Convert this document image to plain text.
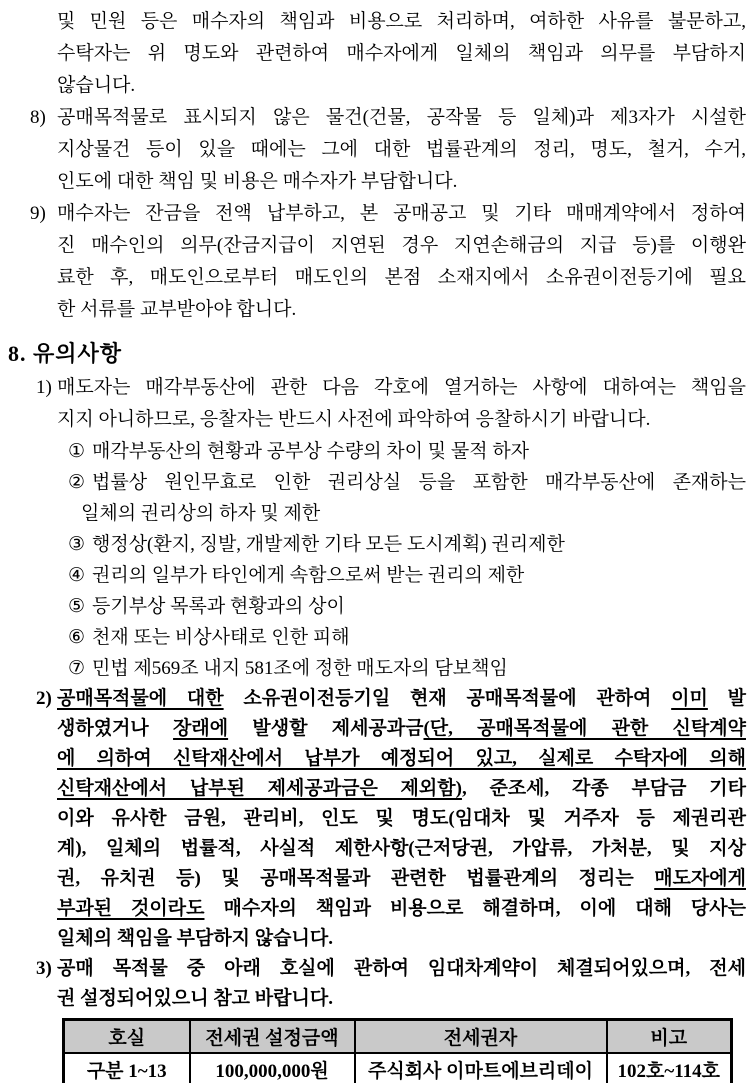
및 민원 등은 매수자의 책임과 비용으로 처리하며, 여하한 사유를 불문하고,
수탁자는 위 명도와 관련하여 매수자에게 일체의 책임과 의무를 부담하지
않습니다.
8) 공매목적물로 표시되지 않은 물건(건물, 공작물 등 일체)과 제3자가 시설한
지상물건 등이 있을 때에는 그에 대한 법률관계의 정리, 명도, 철거, 수거,
인도에 대한 책임 및 비용은 매수자가 부담합니다.
9) 매수자는 잔금을 전액 납부하고, 본 공매공고 및 기타 매매계약에서 정하여
진 매수인의 의무(잔금지급이 지연된 경우 지연손해금의 지급 등)를 이행완
료한 후, 매도인으로부터 매도인의 본점 소재지에서 소유권이전등기에 필요
한 서류를 교부받아야 합니다.
8. 유의사항
1) 매도자는 매각부동산에 관한 다음 각호에 열거하는 사항에 대하여는 책임을
지지 아니하므로, 응찰자는 반드시 사전에 파악하여 응찰하시기 바랍니다.
① 매각부동산의 현황과 공부상 수량의 차이 및 물적 하자
② 법률상 원인무효로 인한 권리상실 등을 포함한 매각부동산에 존재하는
일체의 권리상의 하자 및 제한
③ 행정상(환지, 징발, 개발제한 기타 모든 도시계획) 권리제한
④ 권리의 일부가 타인에게 속함으로써 받는 권리의 제한
⑤ 등기부상 목록과 현황과의 상이
⑥ 천재 또는 비상사태로 인한 피해
⑦ 민법 제569조 내지 581조에 정한 매도자의 담보책임
2) 공매목적물에 대한 소유권이전등기일 현재 공매목적물에 관하여 이미 발
생하였거나 장래에 발생할 제세공과금(단, 공매목적물에 관한 신탁계약
에 의하여 신탁재산에서 납부가 예정되어 있고, 실제로 수탁자에 의해
신탁재산에서 납부된 제세공과금은 제외함), 준조세, 각종 부담금 기타
이와 유사한 금원, 관리비, 인도 및 명도(임대차 및 거주자 등 제권리관
계), 일체의 법률적, 사실적 제한사항(근저당권, 가압류, 가처분, 및 지상
권, 유치권 등) 및 공매목적물과 관련한 법률관계의 정리는 매도자에게
부과된 것이라도 매수자의 책임과 비용으로 해결하며, 이에 대해 당사는
일체의 책임을 부담하지 않습니다.
3) 공매 목적물 중 아래 호실에 관하여 임대차계약이 체결되어있으며, 전세
권 설정되어있으니 참고 바랍니다.
호실	전세권 설정금액	전세권자	비고
구분 1~13	100,000,000원	주식회사 이마트에브리데이	102호~114호
